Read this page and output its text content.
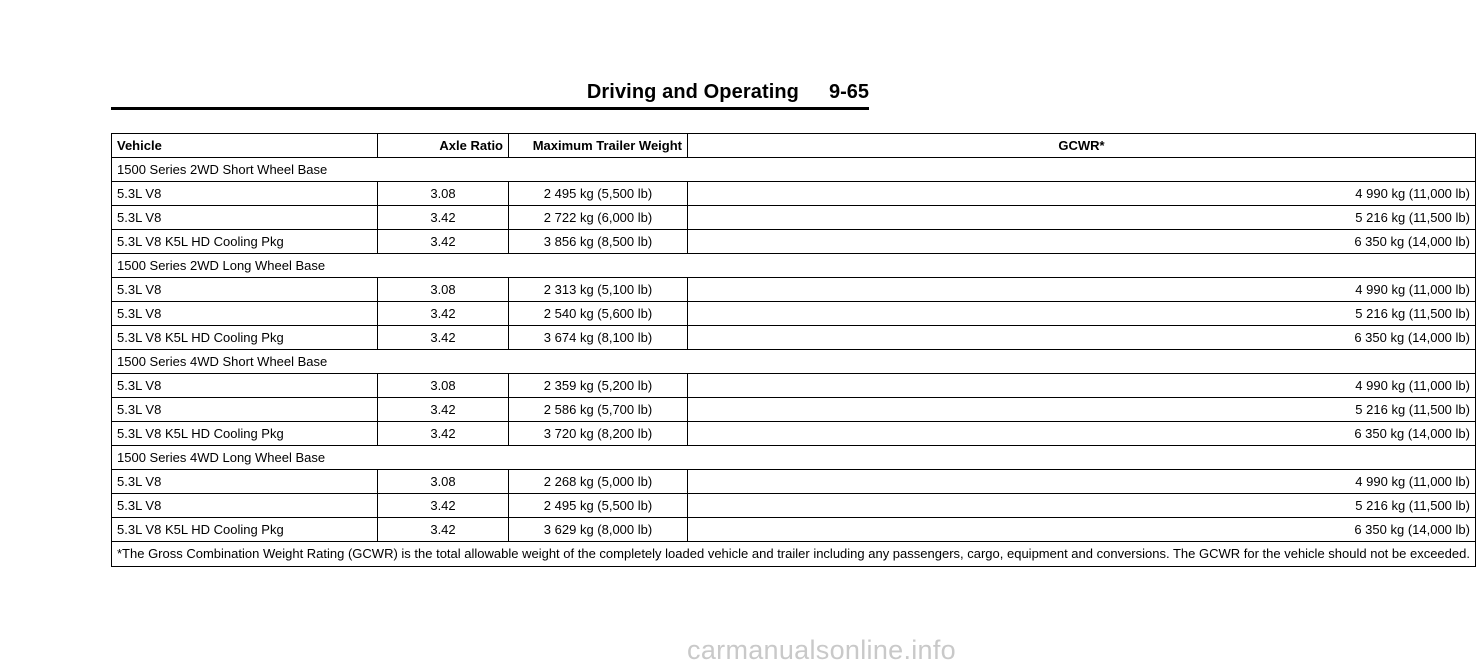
Driving and Operating 9-65
Vehicle	Axle Ratio	Maximum Trailer Weight	GCWR*
1500 Series 2WD Short Wheel Base			
5.3L V8	3.08	2 495 kg (5,500 lb)	4 990 kg (11,000 lb)
5.3L V8	3.42	2 722 kg (6,000 lb)	5 216 kg (11,500 lb)
5.3L V8 K5L HD Cooling Pkg	3.42	3 856 kg (8,500 lb)	6 350 kg (14,000 lb)
1500 Series 2WD Long Wheel Base			
5.3L V8	3.08	2 313 kg (5,100 lb)	4 990 kg (11,000 lb)
5.3L V8	3.42	2 540 kg (5,600 lb)	5 216 kg (11,500 lb)
5.3L V8 K5L HD Cooling Pkg	3.42	3 674 kg (8,100 lb)	6 350 kg (14,000 lb)
1500 Series 4WD Short Wheel Base			
5.3L V8	3.08	2 359 kg (5,200 lb)	4 990 kg (11,000 lb)
5.3L V8	3.42	2 586 kg (5,700 lb)	5 216 kg (11,500 lb)
5.3L V8 K5L HD Cooling Pkg	3.42	3 720 kg (8,200 lb)	6 350 kg (14,000 lb)
1500 Series 4WD Long Wheel Base			
5.3L V8	3.08	2 268 kg (5,000 lb)	4 990 kg (11,000 lb)
5.3L V8	3.42	2 495 kg (5,500 lb)	5 216 kg (11,500 lb)
5.3L V8 K5L HD Cooling Pkg	3.42	3 629 kg (8,000 lb)	6 350 kg (14,000 lb)
*The Gross Combination Weight Rating (GCWR) is the total allowable weight of the completely loaded vehicle and trailer including any passengers, cargo, equipment and conversions. The GCWR for the vehicle should not be exceeded.			
carmanualsonline.info
